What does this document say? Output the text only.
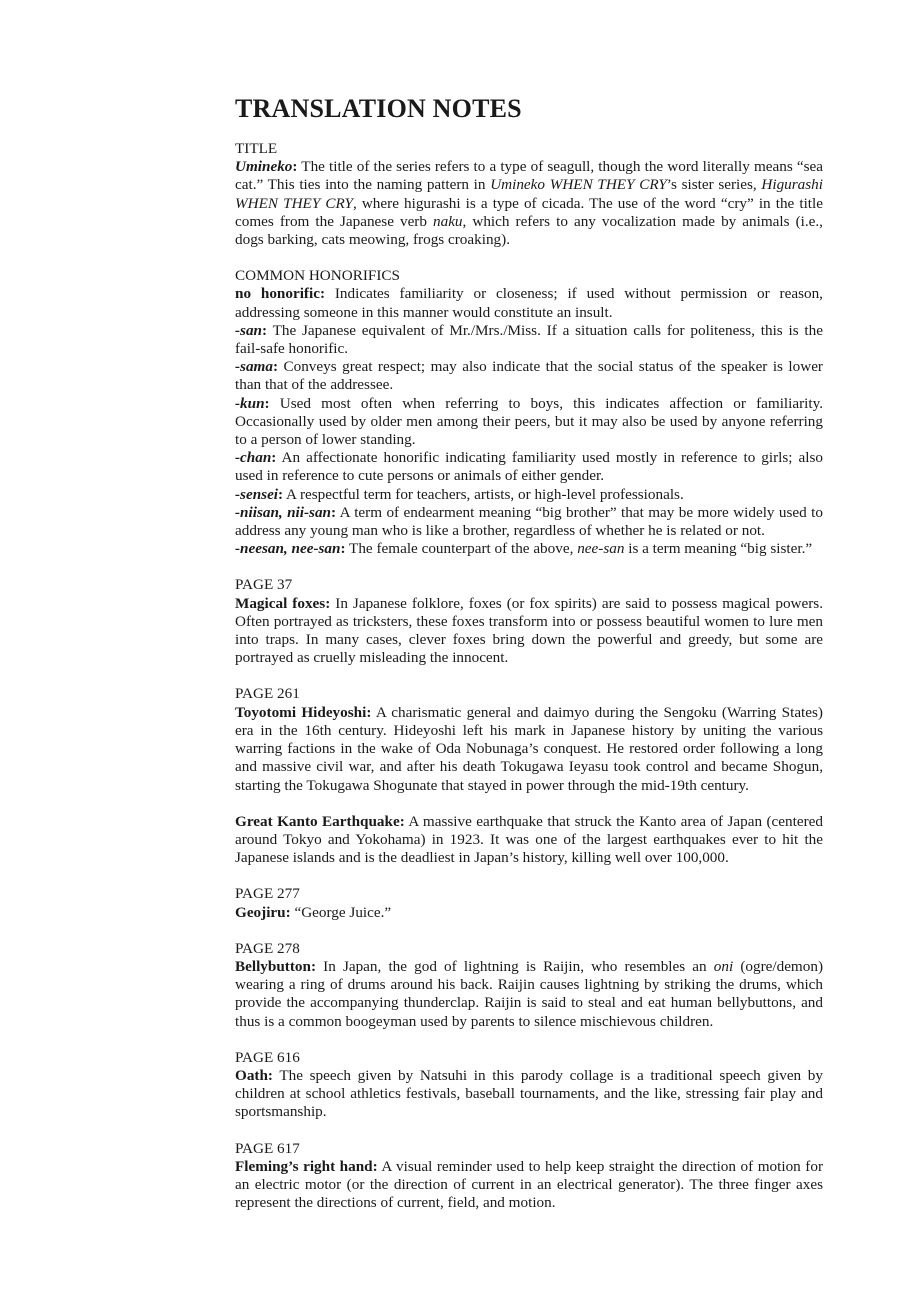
TRANSLATION NOTES

TITLE

Umineko: The title of the series refers to a type of seagull, though the word literally means “sea cat.” This ties into the naming pattern in Umineko WHEN THEY CRY’s sister series, Higurashi WHEN THEY CRY, where higurashi is a type of cicada. The use of the word “cry” in the title comes from the Japanese verb naku, which refers to any vocalization made by animals (i.e., dogs barking, cats meowing, frogs croaking).

COMMON HONORIFICS

no honorific: Indicates familiarity or closeness; if used without permission or reason, addressing someone in this manner would constitute an insult.

-san: The Japanese equivalent of Mr./Mrs./Miss. If a situation calls for politeness, this is the fail-safe honorific.

-sama: Conveys great respect; may also indicate that the social status of the speaker is lower than that of the addressee.

-kun: Used most often when referring to boys, this indicates affection or familiarity. Occasionally used by older men among their peers, but it may also be used by anyone referring to a person of lower standing.

-chan: An affectionate honorific indicating familiarity used mostly in reference to girls; also used in reference to cute persons or animals of either gender.

-sensei: A respectful term for teachers, artists, or high-level professionals.

-niisan, nii-san: A term of endearment meaning “big brother” that may be more widely used to address any young man who is like a brother, regardless of whether he is related or not.

-neesan, nee-san: The female counterpart of the above, nee-san is a term meaning “big sister.”

PAGE 37

Magical foxes: In Japanese folklore, foxes (or fox spirits) are said to possess magical powers. Often portrayed as tricksters, these foxes transform into or possess beautiful women to lure men into traps. In many cases, clever foxes bring down the powerful and greedy, but some are portrayed as cruelly misleading the innocent.

PAGE 261

Toyotomi Hideyoshi: A charismatic general and daimyo during the Sengoku (Warring States) era in the 16th century. Hideyoshi left his mark in Japanese history by uniting the various warring factions in the wake of Oda Nobunaga’s conquest. He restored order following a long and massive civil war, and after his death Tokugawa Ieyasu took control and became Shogun, starting the Tokugawa Shogunate that stayed in power through the mid-19th century.

Great Kanto Earthquake: A massive earthquake that struck the Kanto area of Japan (centered around Tokyo and Yokohama) in 1923. It was one of the largest earthquakes ever to hit the Japanese islands and is the deadliest in Japan’s history, killing well over 100,000.

PAGE 277

Geojiru: “George Juice.”

PAGE 278

Bellybutton: In Japan, the god of lightning is Raijin, who resembles an oni (ogre/demon) wearing a ring of drums around his back. Raijin causes lightning by striking the drums, which provide the accompanying thunderclap. Raijin is said to steal and eat human bellybuttons, and thus is a common boogeyman used by parents to silence mischievous children.

PAGE 616

Oath: The speech given by Natsuhi in this parody collage is a traditional speech given by children at school athletics festivals, baseball tournaments, and the like, stressing fair play and sportsmanship.

PAGE 617

Fleming’s right hand: A visual reminder used to help keep straight the direction of motion for an electric motor (or the direction of current in an electrical generator). The three finger axes represent the directions of current, field, and motion.
